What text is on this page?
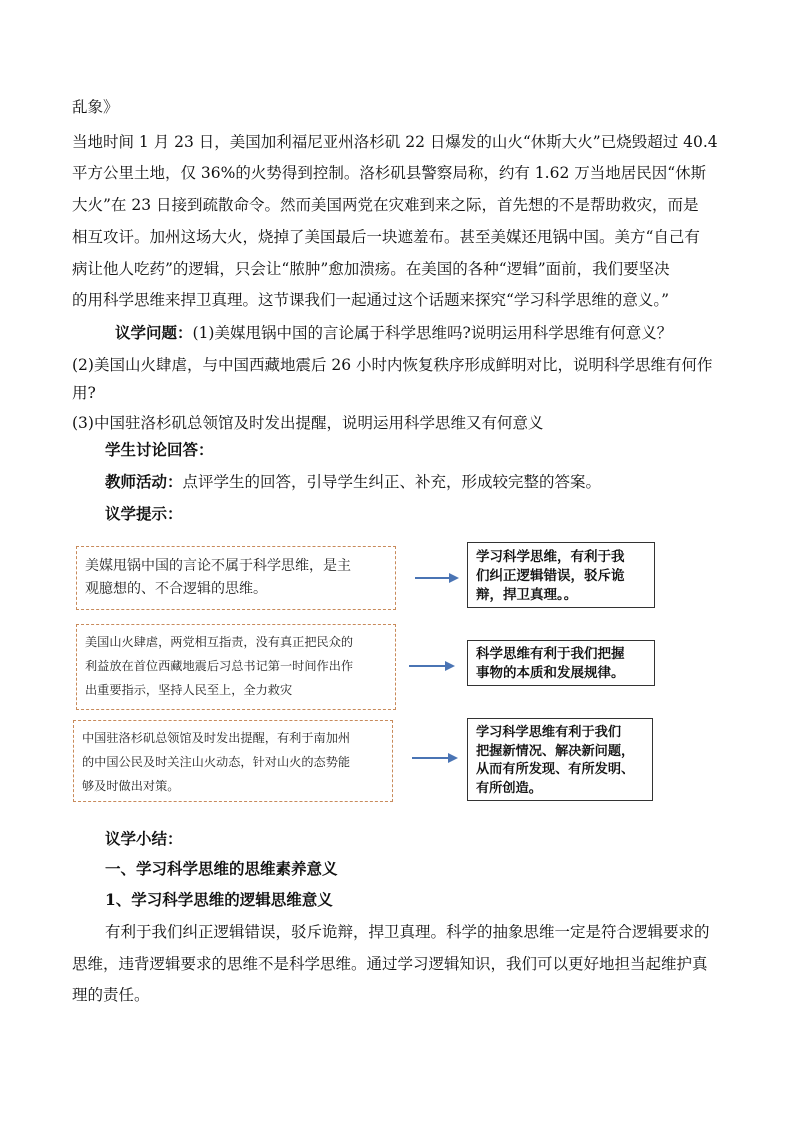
乱象》
当地时间 1 月 23 日，美国加利福尼亚州洛杉矶 22 日爆发的山火“休斯大火”已烧毁超过 40.4
平方公里土地，仅 36%的火势得到控制。洛杉矶县警察局称，约有 1.62 万当地居民因“休斯
大火”在 23 日接到疏散命令。然而美国两党在灾难到来之际，首先想的不是帮助救灾，而是
相互攻讦。加州这场大火，烧掉了美国最后一块遮羞布。甚至美媒还甩锅中国。美方“自己有
病让他人吃药”的逻辑，只会让“脓肿”愈加溃疡。在美国的各种“逻辑”面前，我们要坚决
的用科学思维来捍卫真理。这节课我们一起通过这个话题来探究“学习科学思维的意义。”
议学问题：(1)美媒甩锅中国的言论属于科学思维吗?说明运用科学思维有何意义？
(2)美国山火肆虐，与中国西藏地震后 26 小时内恢复秩序形成鲜明对比，说明科学思维有何作
用?
(3)中国驻洛杉矶总领馆及时发出提醒，说明运用科学思维又有何意义
学生讨论回答：
教师活动：点评学生的回答，引导学生纠正、补充，形成较完整的答案。
议学提示：
美媒甩锅中国的言论不属于科学思维，是主
观臆想的、不合逻辑的思维。
学习科学思维，有利于我
们纠正逻辑错误，驳斥诡
辩，捍卫真理。。
美国山火肆虐，两党相互指责，没有真正把民众的
利益放在首位西藏地震后习总书记第一时间作出作
出重要指示，坚持人民至上，全力救灾
科学思维有利于我们把握
事物的本质和发展规律。
中国驻洛杉矶总领馆及时发出提醒，有利于南加州
的中国公民及时关注山火动态，针对山火的态势能
够及时做出对策。
学习科学思维有利于我们
把握新情况、解决新问题，
从而有所发现、有所发明、
有所创造。
议学小结：
一、学习科学思维的思维素养意义
1、学习科学思维的逻辑思维意义
有利于我们纠正逻辑错误，驳斥诡辩，捍卫真理。科学的抽象思维一定是符合逻辑要求的
思维，违背逻辑要求的思维不是科学思维。通过学习逻辑知识，我们可以更好地担当起维护真
理的责任。
